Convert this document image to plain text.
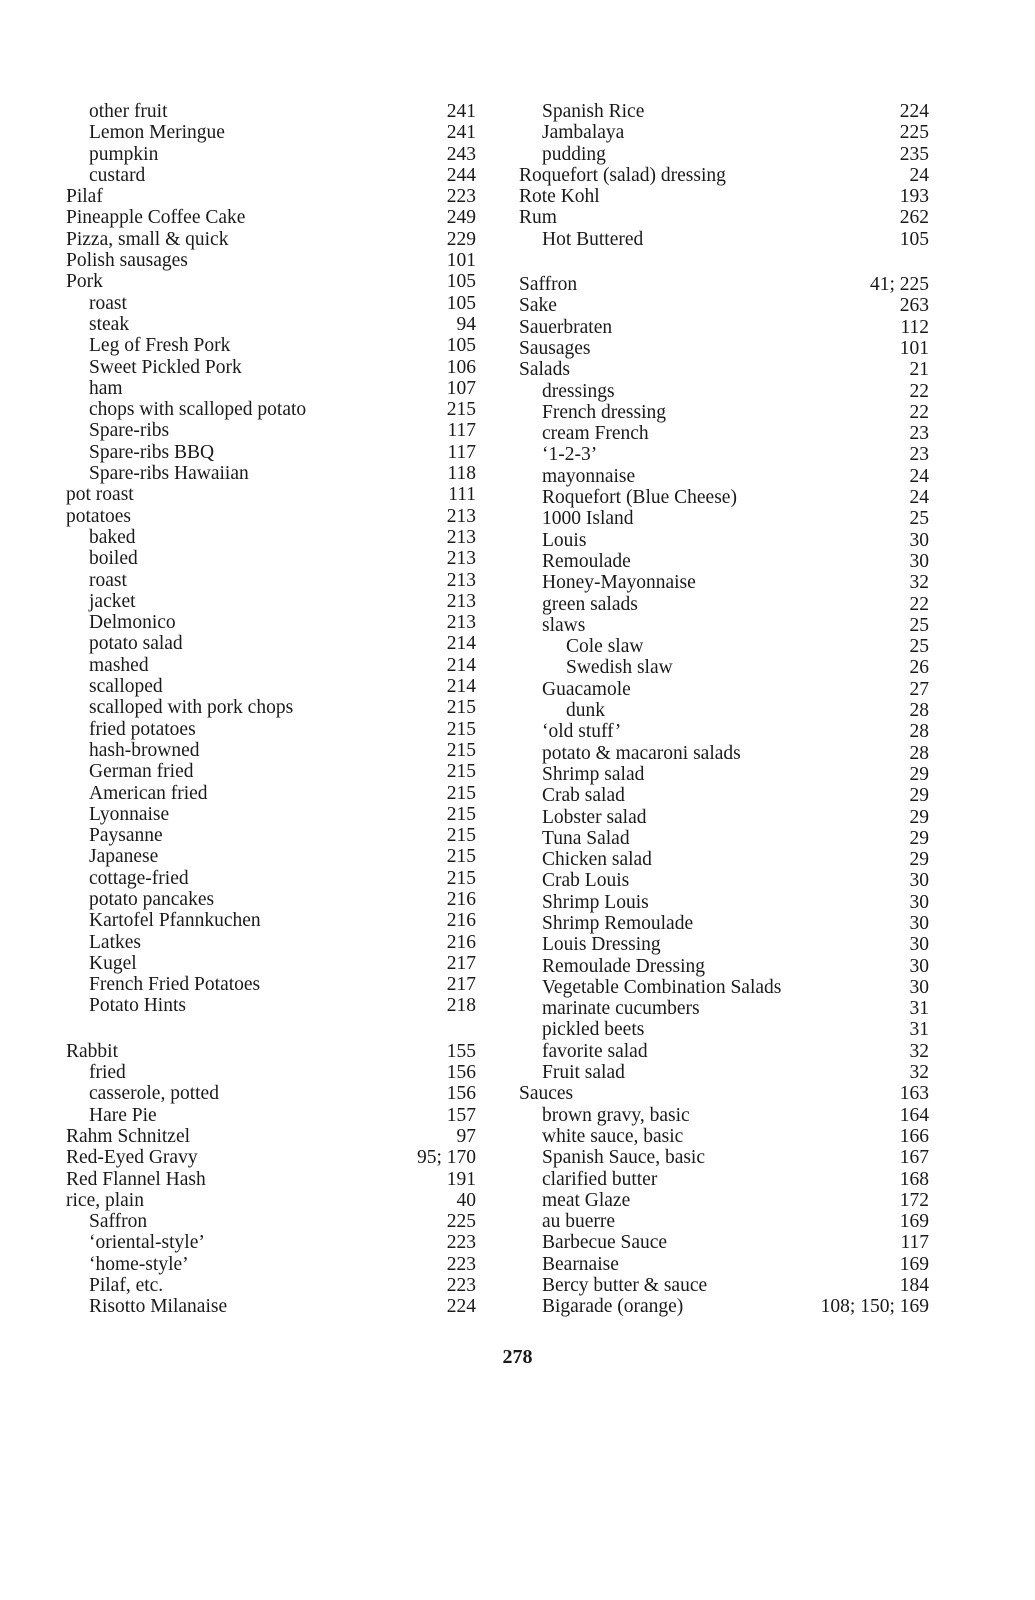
other fruit	241
Lemon Meringue	241
pumpkin	243
custard	244
Pilaf	223
Pineapple Coffee Cake	249
Pizza, small & quick	229
Polish sausages	101
Pork	105
roast	105
steak	94
Leg of Fresh Pork	105
Sweet Pickled Pork	106
ham	107
chops with scalloped potato	215
Spare-ribs	117
Spare-ribs BBQ	117
Spare-ribs Hawaiian	118
pot roast	111
potatoes	213
baked	213
boiled	213
roast	213
jacket	213
Delmonico	213
potato salad	214
mashed	214
scalloped	214
scalloped with pork chops	215
fried potatoes	215
hash-browned	215
German fried	215
American fried	215
Lyonnaise	215
Paysanne	215
Japanese	215
cottage-fried	215
potato pancakes	216
Kartofel Pfannkuchen	216
Latkes	216
Kugel	217
French Fried Potatoes	217
Potato Hints	218
Rabbit	155
fried	156
casserole, potted	156
Hare Pie	157
Rahm Schnitzel	97
Red-Eyed Gravy	95; 170
Red Flannel Hash	191
rice, plain	40
Saffron	225
‘oriental-style’	223
‘home-style’	223
Pilaf, etc.	223
Risotto Milanaise	224
Spanish Rice	224
Jambalaya	225
pudding	235
Roquefort (salad) dressing	24
Rote Kohl	193
Rum	262
Hot Buttered	105
Saffron	41; 225
Sake	263
Sauerbraten	112
Sausages	101
Salads	21
dressings	22
French dressing	22
cream French	23
‘1-2-3’	23
mayonnaise	24
Roquefort (Blue Cheese)	24
1000 Island	25
Louis	30
Remoulade	30
Honey-Mayonnaise	32
green salads	22
slaws	25
Cole slaw	25
Swedish slaw	26
Guacamole	27
dunk	28
‘old stuff’	28
potato & macaroni salads	28
Shrimp salad	29
Crab salad	29
Lobster salad	29
Tuna Salad	29
Chicken salad	29
Crab Louis	30
Shrimp Louis	30
Shrimp Remoulade	30
Louis Dressing	30
Remoulade Dressing	30
Vegetable Combination Salads	30
marinate cucumbers	31
pickled beets	31
favorite salad	32
Fruit salad	32
Sauces	163
brown gravy, basic	164
white sauce, basic	166
Spanish Sauce, basic	167
clarified butter	168
meat Glaze	172
au buerre	169
Barbecue Sauce	117
Bearnaise	169
Bercy butter & sauce	184
Bigarade (orange)	108; 150; 169
278
